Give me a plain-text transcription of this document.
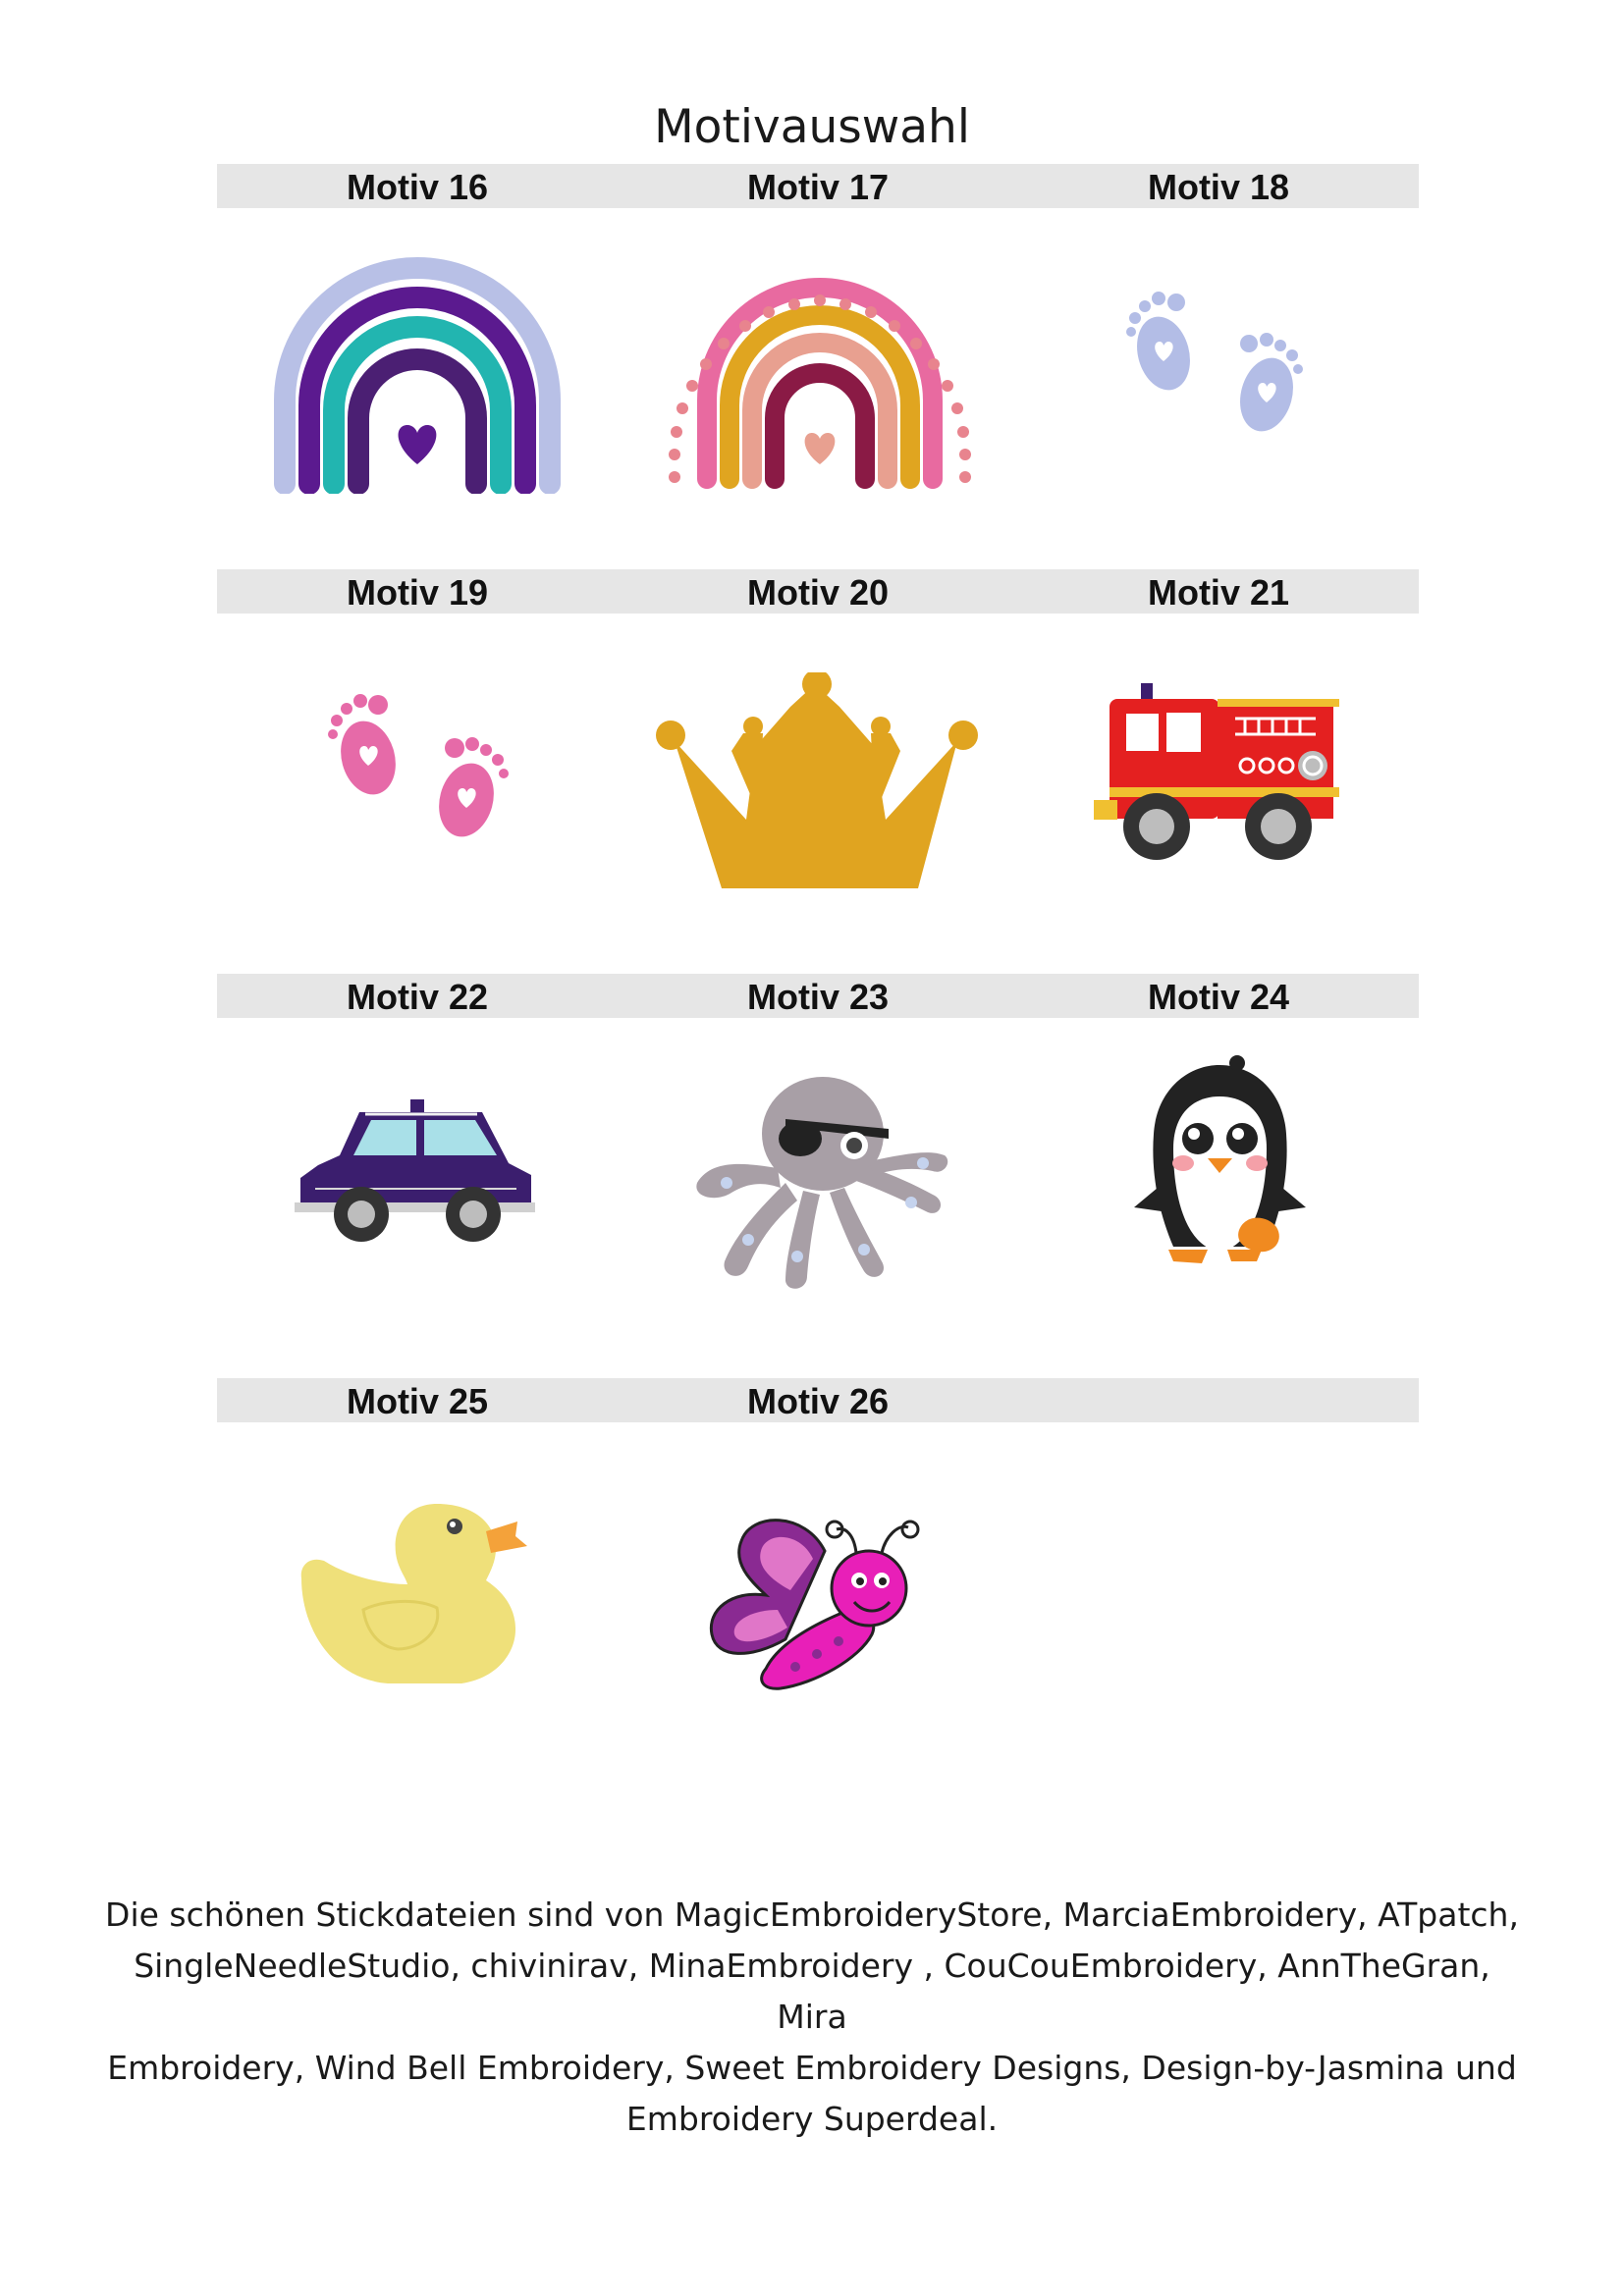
Motivauswahl
Motiv 16	Motiv 17	Motiv 18
Motiv 19	Motiv 20	Motiv 21
Motiv 22	Motiv 23	Motiv 24
Motiv 25	Motiv 26
Die schönen Stickdateien sind von MagicEmbroideryStore, MarciaEmbroidery, ATpatch,
SingleNeedleStudio, chivinirav, MinaEmbroidery , CouCouEmbroidery, AnnTheGran, Mira
Embroidery, Wind Bell Embroidery, Sweet Embroidery Designs, Design-by-Jasmina und
Embroidery Superdeal.
